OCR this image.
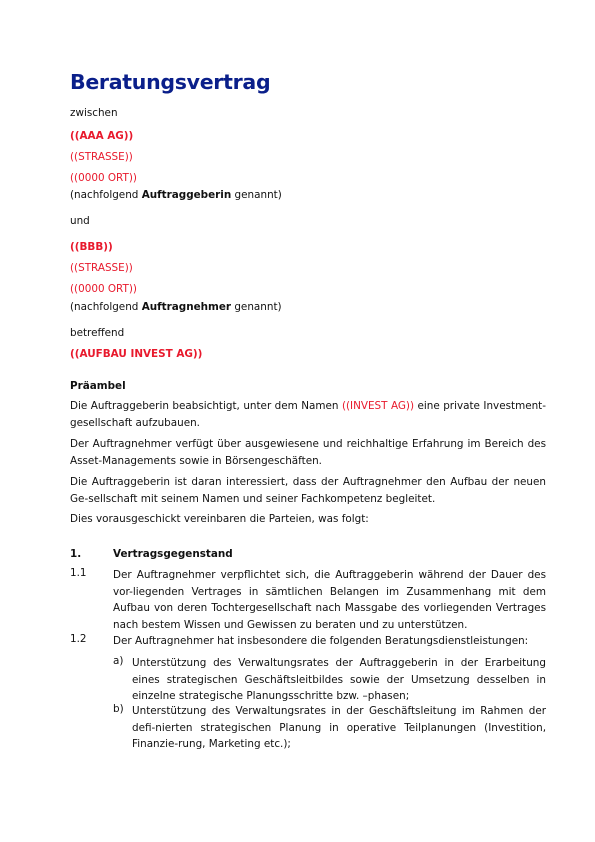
Beratungsvertrag
zwischen
((AAA AG))
((STRASSE))
((0000 ORT))
(nachfolgend Auftraggeberin genannt)
und
((BBB))
((STRASSE))
((0000 ORT))
(nachfolgend Auftragnehmer genannt)
betreffend
((AUFBAU INVEST AG))
Präambel
Die Auftraggeberin beabsichtigt, unter dem Namen ((INVEST AG)) eine private Investment-gesellschaft aufzubauen.
Der Auftragnehmer verfügt über ausgewiesene und reichhaltige Erfahrung im Bereich des Asset-Managements sowie in Börsengeschäften.
Die Auftraggeberin ist daran interessiert, dass der Auftragnehmer den Aufbau der neuen Ge-sellschaft mit seinem Namen und seiner Fachkompetenz begleitet.
Dies vorausgeschickt vereinbaren die Parteien, was folgt:
1.	Vertragsgegenstand
1.1	Der Auftragnehmer verpflichtet sich, die Auftraggeberin während der Dauer des vor-liegenden Vertrages in sämtlichen Belangen im Zusammenhang mit dem Aufbau von deren Tochtergesellschaft nach Massgabe des vorliegenden Vertrages nach bestem Wissen und Gewissen zu beraten und zu unterstützen.
1.2	Der Auftragnehmer hat insbesondere die folgenden Beratungsdienstleistungen:
a) Unterstützung des Verwaltungsrates der Auftraggeberin in der Erarbeitung eines strategischen Geschäftsleitbildes sowie der Umsetzung desselben in einzelne strategische Planungsschritte bzw. –phasen;
b) Unterstützung des Verwaltungsrates in der Geschäftsleitung im Rahmen der defi-nierten strategischen Planung in operative Teilplanungen (Investition, Finanzie-rung, Marketing etc.);
